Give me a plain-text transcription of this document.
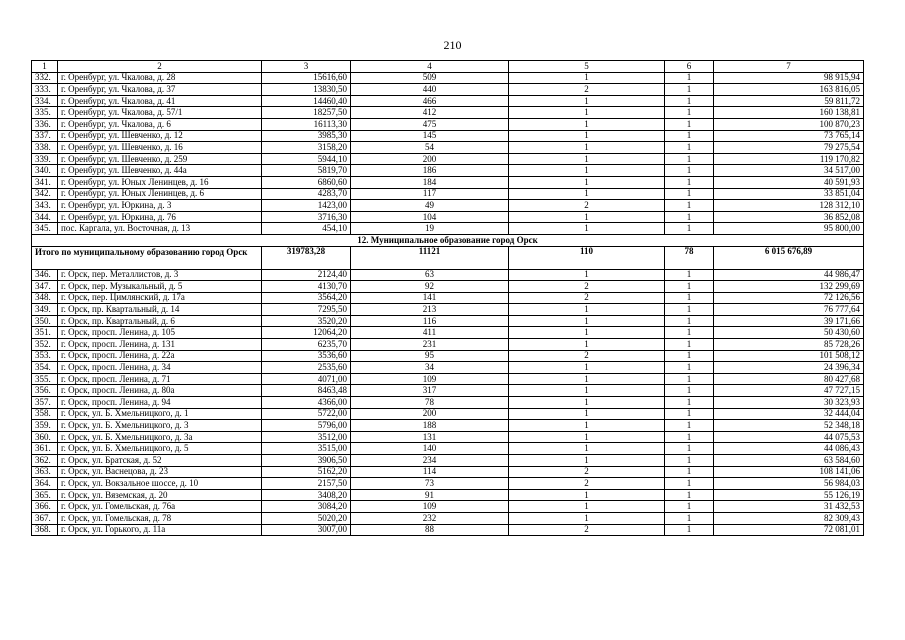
210
1	2	3	4	5	6	7
332.	г. Оренбург, ул. Чкалова, д. 28	15616,60	509	1	1	98 915,94
333.	г. Оренбург, ул. Чкалова, д. 37	13830,50	440	2	1	163 816,05
334.	г. Оренбург, ул. Чкалова, д. 41	14460,40	466	1	1	59 811,72
335.	г. Оренбург, ул. Чкалова, д. 57/1	18257,50	412	1	1	160 138,81
336.	г. Оренбург, ул. Чкалова, д. 6	16113,30	475	1	1	100 870,23
337.	г. Оренбург, ул. Шевченко, д. 12	3985,30	145	1	1	73 765,14
338.	г. Оренбург, ул. Шевченко, д. 16	3158,20	54	1	1	79 275,54
339.	г. Оренбург, ул. Шевченко, д. 259	5944,10	200	1	1	119 170,82
340.	г. Оренбург, ул. Шевченко, д. 44а	5819,70	186	1	1	34 517,00
341.	г. Оренбург, ул. Юных Ленинцев, д. 16	6860,60	184	1	1	40 591,93
342.	г. Оренбург, ул. Юных Ленинцев, д. 6	4283,70	117	1	1	33 851,04
343.	г. Оренбург, ул. Юркина, д. 3	1423,00	49	2	1	128 312,10
344.	г. Оренбург, ул. Юркина, д. 76	3716,30	104	1	1	36 852,08
345.	пос. Каргала, ул. Восточная, д. 13	454,10	19	1	1	95 800,00
12. Муниципальное образование город Орск						
Итого по муниципальному образованию город Орск		319783,28	11121	110	78	6 015 676,89
346.	г. Орск, пер. Металлистов, д. 3	2124,40	63	1	1	44 986,47
347.	г. Орск, пер. Музыкальный, д. 5	4130,70	92	2	1	132 299,69
348.	г. Орск, пер. Цимлянский, д. 17а	3564,20	141	2	1	72 126,56
349.	г. Орск, пр. Квартальный, д. 14	7295,50	213	1	1	76 777,64
350.	г. Орск, пр. Квартальный, д. 6	3520,20	116	1	1	39 171,66
351.	г. Орск, просп. Ленина, д. 105	12064,20	411	1	1	50 430,60
352.	г. Орск, просп. Ленина, д. 131	6235,70	231	1	1	85 728,26
353.	г. Орск, просп. Ленина, д. 22а	3536,60	95	2	1	101 508,12
354.	г. Орск, просп. Ленина, д. 34	2535,60	34	1	1	24 396,34
355.	г. Орск, просп. Ленина, д. 71	4071,00	109	1	1	80 427,68
356.	г. Орск, просп. Ленина, д. 80а	8463,48	317	1	1	47 727,15
357.	г. Орск, просп. Ленина, д. 94	4366,00	78	1	1	30 323,93
358.	г. Орск, ул. Б. Хмельницкого, д. 1	5722,00	200	1	1	32 444,04
359.	г. Орск, ул. Б. Хмельницкого, д. 3	5796,00	188	1	1	52 348,18
360.	г. Орск, ул. Б. Хмельницкого, д. 3а	3512,00	131	1	1	44 075,53
361.	г. Орск, ул. Б. Хмельницкого, д. 5	3515,00	140	1	1	44 086,43
362.	г. Орск, ул. Братская, д. 52	3906,50	234	1	1	63 584,60
363.	г. Орск, ул. Васнецова, д. 23	5162,20	114	2	1	108 141,06
364.	г. Орск, ул. Вокзальное шоссе, д. 10	2157,50	73	2	1	56 984,03
365.	г. Орск, ул. Вяземская, д. 20	3408,20	91	1	1	55 126,19
366.	г. Орск, ул. Гомельская, д. 76а	3084,20	109	1	1	31 432,53
367.	г. Орск, ул. Гомельская, д. 78	5020,20	232	1	1	82 309,43
368.	г. Орск, ул. Горького, д. 11а	3007,00	88	2	1	72 081,01
